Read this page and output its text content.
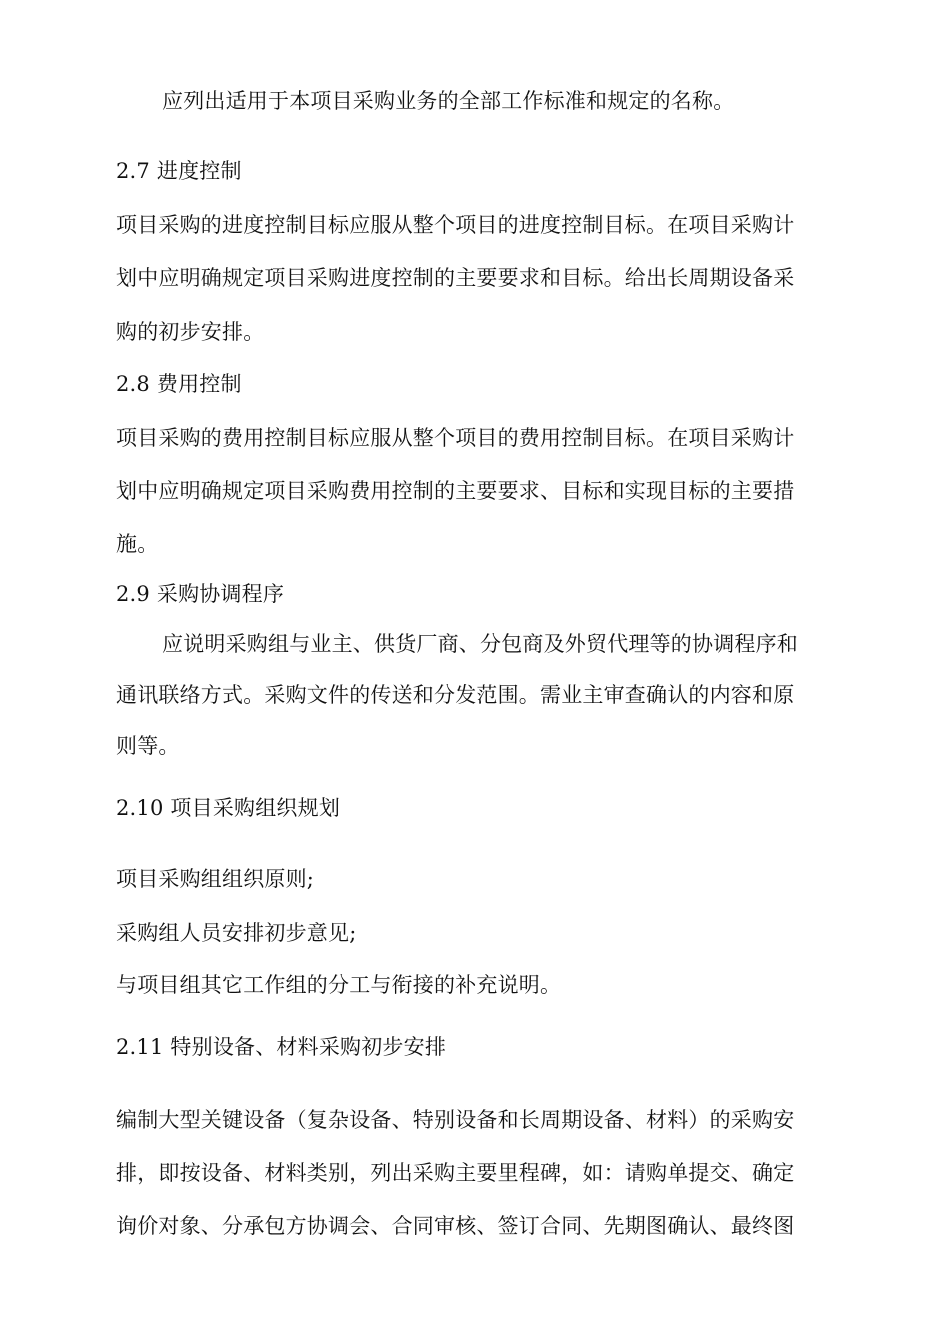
应列出适用于本项目采购业务的全部工作标准和规定的名称。
2.7 进度控制
项目采购的进度控制目标应服从整个项目的进度控制目标。在项目采购计
划中应明确规定项目采购进度控制的主要要求和目标。给出长周期设备采
购的初步安排。
2.8 费用控制
项目采购的费用控制目标应服从整个项目的费用控制目标。在项目采购计
划中应明确规定项目采购费用控制的主要要求、目标和实现目标的主要措
施。
2.9 采购协调程序
应说明采购组与业主、供货厂商、分包商及外贸代理等的协调程序和
通讯联络方式。采购文件的传送和分发范围。需业主审查确认的内容和原
则等。
2.10 项目采购组织规划
项目采购组组织原则;
采购组人员安排初步意见;
与项目组其它工作组的分工与衔接的补充说明。
2.11 特别设备、材料采购初步安排
编制大型关键设备（复杂设备、特别设备和长周期设备、材料）的采购安
排，即按设备、材料类别，列出采购主要里程碑，如：请购单提交、确定
询价对象、分承包方协调会、合同审核、签订合同、先期图确认、最终图
